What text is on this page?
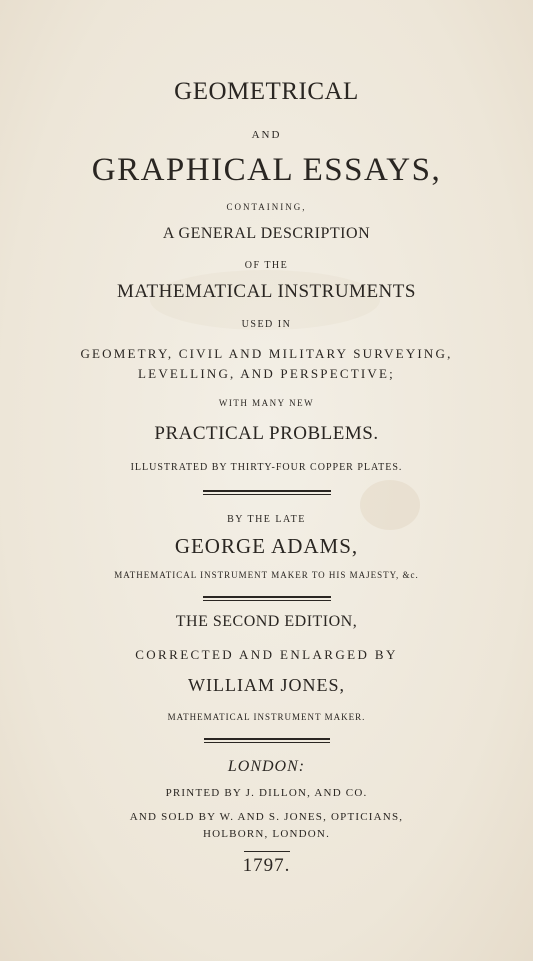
GEOMETRICAL
AND
GRAPHICAL ESSAYS,
CONTAINING,
A GENERAL DESCRIPTION
OF THE
MATHEMATICAL INSTRUMENTS
USED IN
GEOMETRY, CIVIL AND MILITARY SURVEYING,
LEVELLING, AND PERSPECTIVE;
WITH MANY NEW
PRACTICAL PROBLEMS.
ILLUSTRATED BY THIRTY-FOUR COPPER PLATES.
BY THE LATE
GEORGE ADAMS,
MATHEMATICAL INSTRUMENT MAKER TO HIS MAJESTY, &c.
THE SECOND EDITION,
CORRECTED AND ENLARGED BY
WILLIAM JONES,
MATHEMATICAL INSTRUMENT MAKER.
LONDON:
PRINTED BY J. DILLON, AND CO.
AND SOLD BY W. AND S. JONES, OPTICIANS,
HOLBORN, LONDON.
1797.
